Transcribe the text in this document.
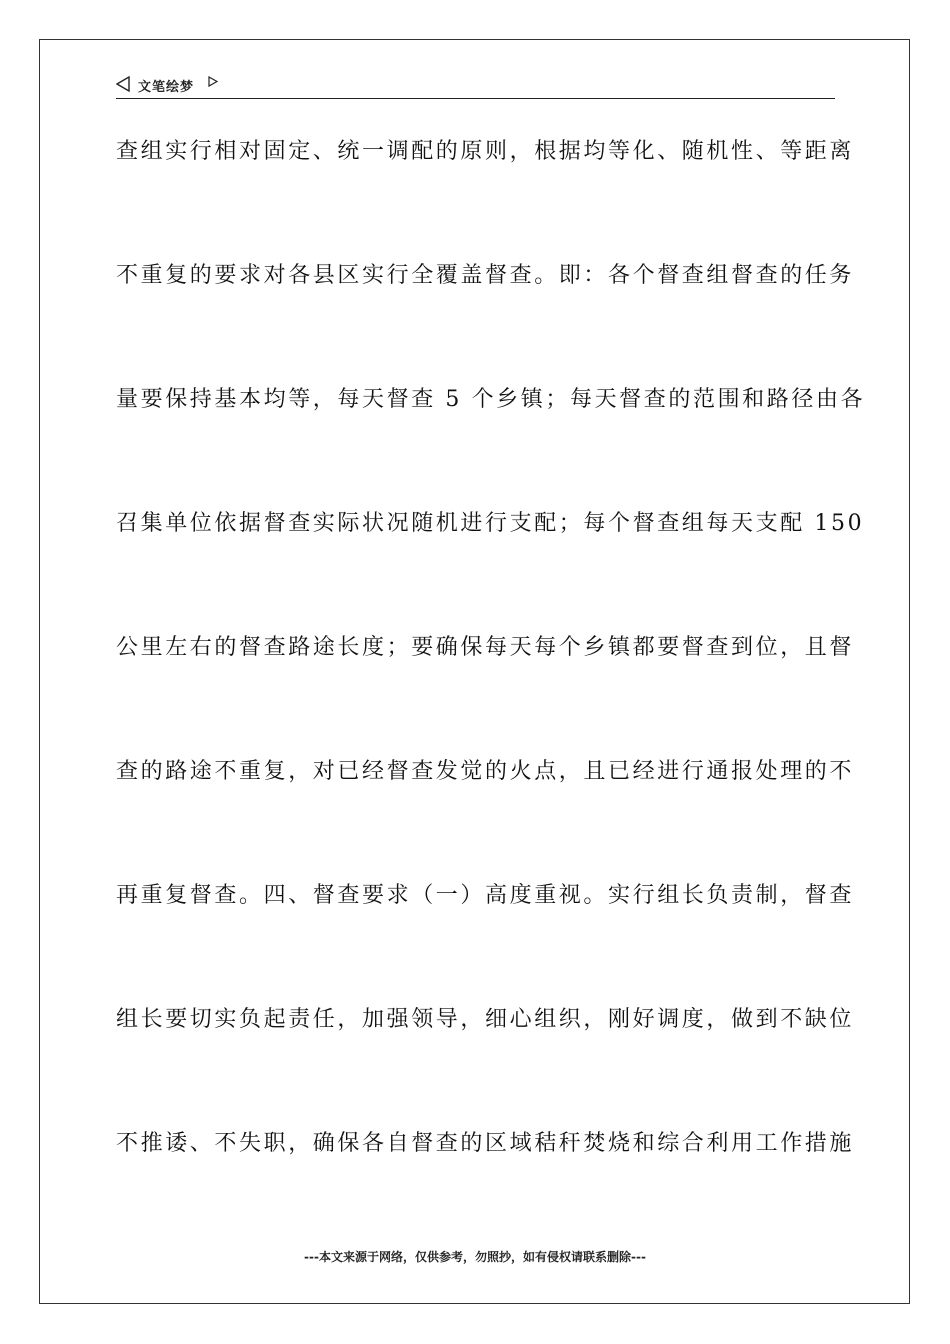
文笔绘梦
查组实行相对固定、统一调配的原则，根据均等化、随机性、等距离
不重复的要求对各县区实行全覆盖督查。即：各个督查组督查的任务
量要保持基本均等，每天督查 5 个乡镇；每天督查的范围和路径由各
召集单位依据督查实际状况随机进行支配；每个督查组每天支配 150
公里左右的督查路途长度；要确保每天每个乡镇都要督查到位，且督
查的路途不重复，对已经督查发觉的火点，且已经进行通报处理的不
再重复督查。四、督查要求（一）高度重视。实行组长负责制，督查
组长要切实负起责任，加强领导，细心组织，刚好调度，做到不缺位
不推诿、不失职，确保各自督查的区域秸秆焚烧和综合利用工作措施
---本文来源于网络，仅供参考，勿照抄，如有侵权请联系删除---
